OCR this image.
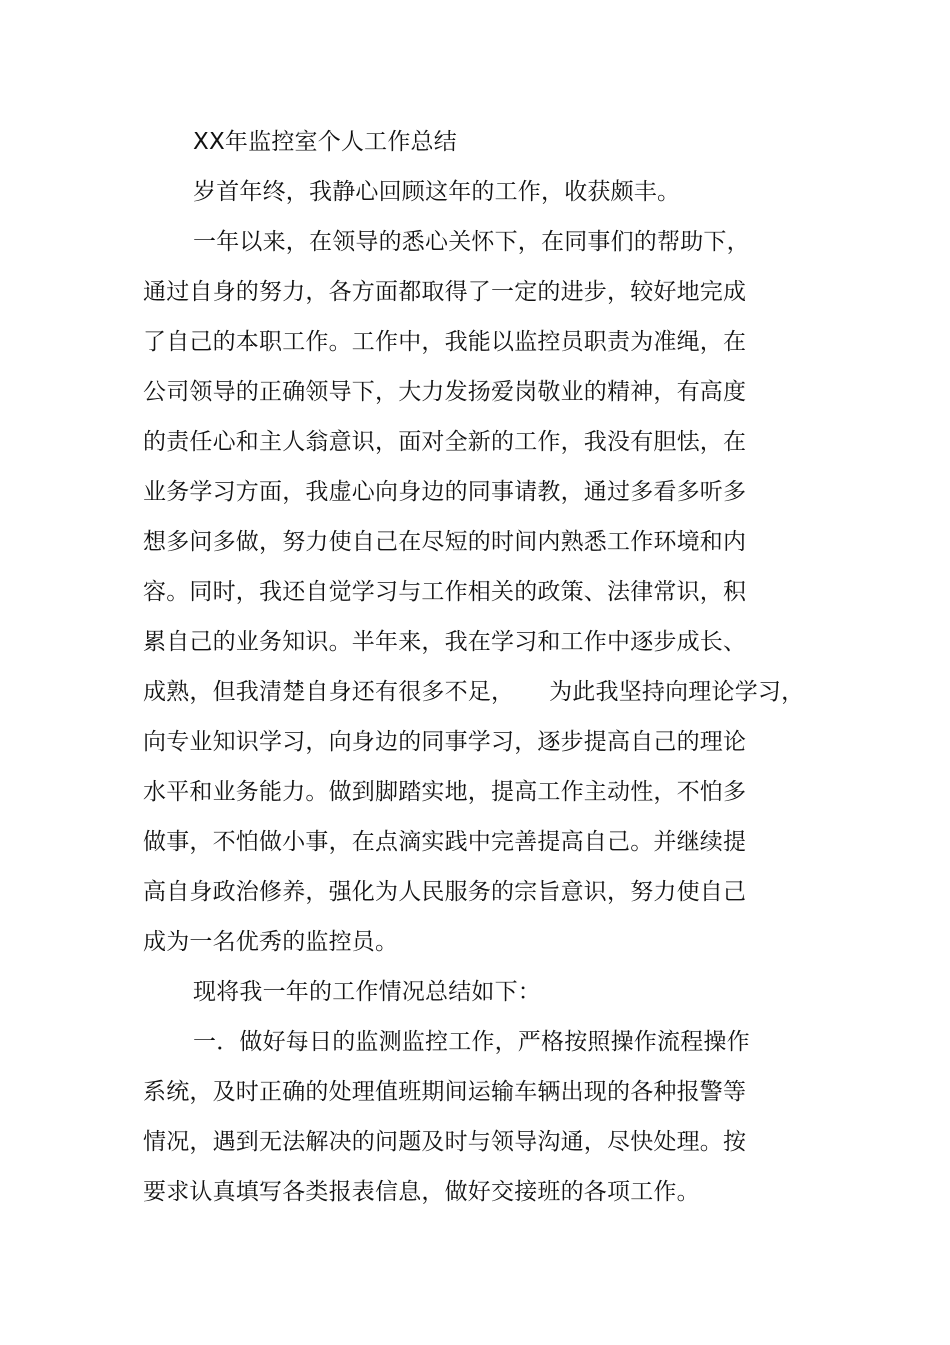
XX年监控室个人工作总结
岁首年终，我静心回顾这年的工作，收获颇丰。
一年以来，在领导的悉心关怀下，在同事们的帮助下，
通过自身的努力，各方面都取得了一定的进步，较好地完成
了自己的本职工作。工作中，我能以监控员职责为准绳，在
公司领导的正确领导下，大力发扬爱岗敬业的精神，有高度
的责任心和主人翁意识，面对全新的工作，我没有胆怯，在
业务学习方面，我虚心向身边的同事请教，通过多看多听多
想多问多做，努力使自己在尽短的时间内熟悉工作环境和内
容。同时，我还自觉学习与工作相关的政策、法律常识，积
累自己的业务知识。半年来，我在学习和工作中逐步成长、
成熟，但我清楚自身还有很多不足，　　为此我坚持向理论学习，
向专业知识学习，向身边的同事学习，逐步提高自己的理论
水平和业务能力。做到脚踏实地，提高工作主动性，不怕多
做事，不怕做小事，在点滴实践中完善提高自己。并继续提
高自身政治修养，强化为人民服务的宗旨意识，努力使自己
成为一名优秀的监控员。
现将我一年的工作情况总结如下：
一．做好每日的监测监控工作，严格按照操作流程操作
系统，及时正确的处理值班期间运输车辆出现的各种报警等
情况，遇到无法解决的问题及时与领导沟通，尽快处理。按
要求认真填写各类报表信息，做好交接班的各项工作。
